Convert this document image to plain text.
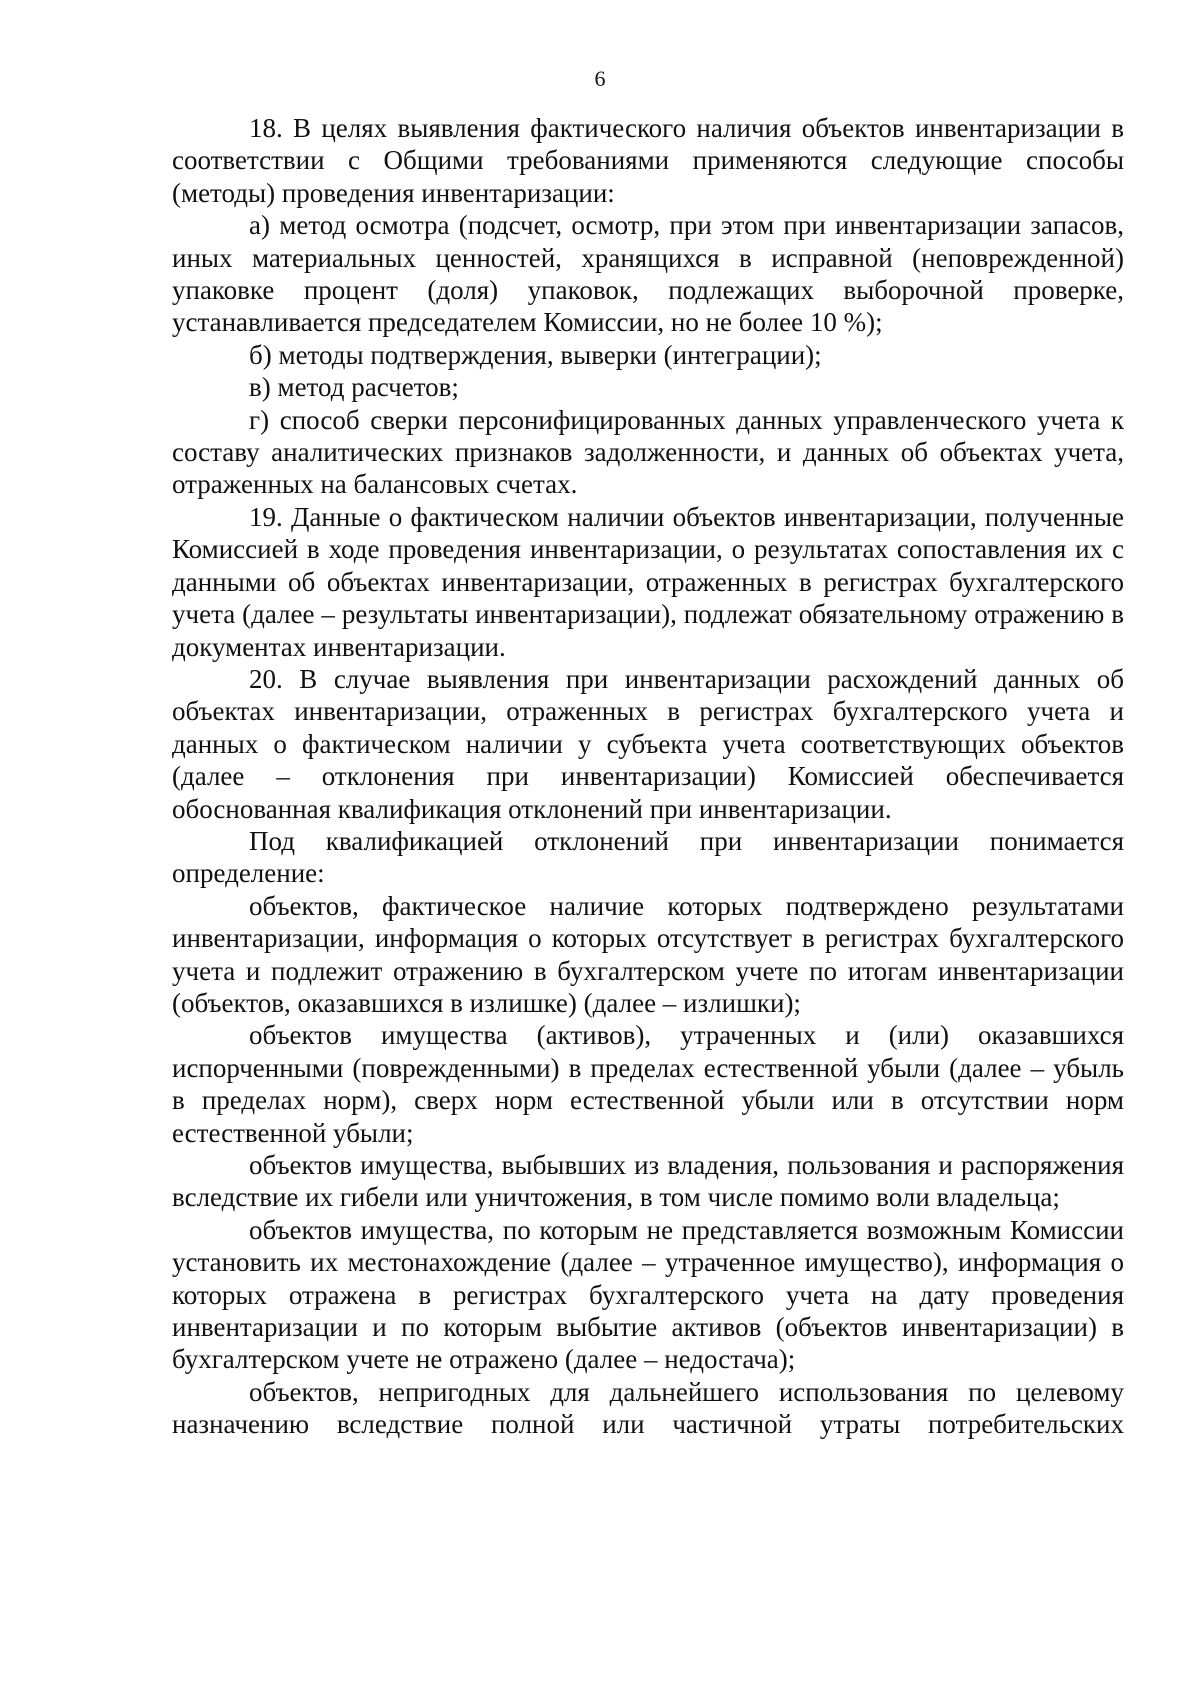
6

18. В целях выявления фактического наличия объектов инвентаризации в соответствии с Общими требованиями применяются следующие способы (методы) проведения инвентаризации:

а) метод осмотра (подсчет, осмотр, при этом при инвентаризации запасов, иных материальных ценностей, хранящихся в исправной (неповрежденной) упаковке процент (доля) упаковок, подлежащих выборочной проверке, устанавливается председателем Комиссии, но не более 10 %);

б) методы подтверждения, выверки (интеграции);

в) метод расчетов;

г) способ сверки персонифицированных данных управленческого учета к составу аналитических признаков задолженности, и данных об объектах учета, отраженных на балансовых счетах.

19. Данные о фактическом наличии объектов инвентаризации, полученные Комиссией в ходе проведения инвентаризации, о результатах сопоставления их с данными об объектах инвентаризации, отраженных в регистрах бухгалтерского учета (далее – результаты инвентаризации), подлежат обязательному отражению в документах инвентаризации.

20. В случае выявления при инвентаризации расхождений данных об объектах инвентаризации, отраженных в регистрах бухгалтерского учета и данных о фактическом наличии у субъекта учета соответствующих объектов (далее – отклонения при инвентаризации) Комиссией обеспечивается обоснованная квалификация отклонений при инвентаризации.

Под квалификацией отклонений при инвентаризации понимается определение:

объектов, фактическое наличие которых подтверждено результатами инвентаризации, информация о которых отсутствует в регистрах бухгалтерского учета и подлежит отражению в бухгалтерском учете по итогам инвентаризации (объектов, оказавшихся в излишке) (далее – излишки);

объектов имущества (активов), утраченных и (или) оказавшихся испорченными (поврежденными) в пределах естественной убыли (далее – убыль в пределах норм), сверх норм естественной убыли или в отсутствии норм естественной убыли;

объектов имущества, выбывших из владения, пользования и распоряжения вследствие их гибели или уничтожения, в том числе помимо воли владельца;

объектов имущества, по которым не представляется возможным Комиссии установить их местонахождение (далее – утраченное имущество), информация о которых отражена в регистрах бухгалтерского учета на дату проведения инвентаризации и по которым выбытие активов (объектов инвентаризации) в бухгалтерском учете не отражено (далее – недостача);

объектов, непригодных для дальнейшего использования по целевому назначению вследствие полной или частичной утраты потребительских
